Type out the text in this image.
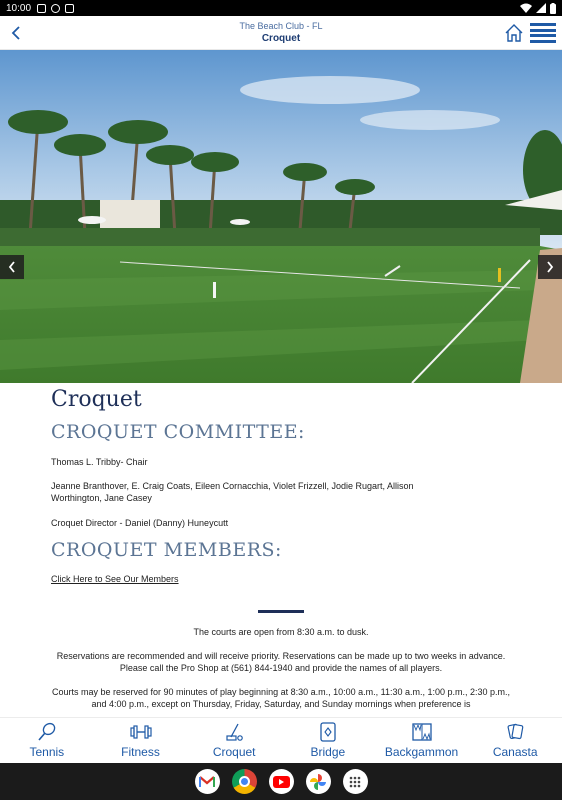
10:00
The Beach Club - FL
Croquet
Croquet
CROQUET COMMITTEE:
Thomas L. Tribby- Chair
Jeanne Branthover, E. Craig Coats, Eileen Cornacchia, Violet Frizzell, Jodie Rugart, Allison Worthington, Jane Casey
Croquet Director - Daniel (Danny) Huneycutt
CROQUET MEMBERS:
Click Here to See Our Members
The courts are open from 8:30 a.m. to dusk.
Reservations are recommended and will receive priority. Reservations can be made up to two weeks in advance. Please call the Pro Shop at (561) 844-1940 and provide the names of all players.
Courts may be reserved for 90 minutes of play beginning at 8:30 a.m., 10:00 a.m., 11:30 a.m., 1:00 p.m., 2:30 p.m., and 4:00 p.m., except on Thursday, Friday, Saturday, and Sunday mornings when preference is
Tennis	Fitness	Croquet	Bridge	Backgammon	Canasta
